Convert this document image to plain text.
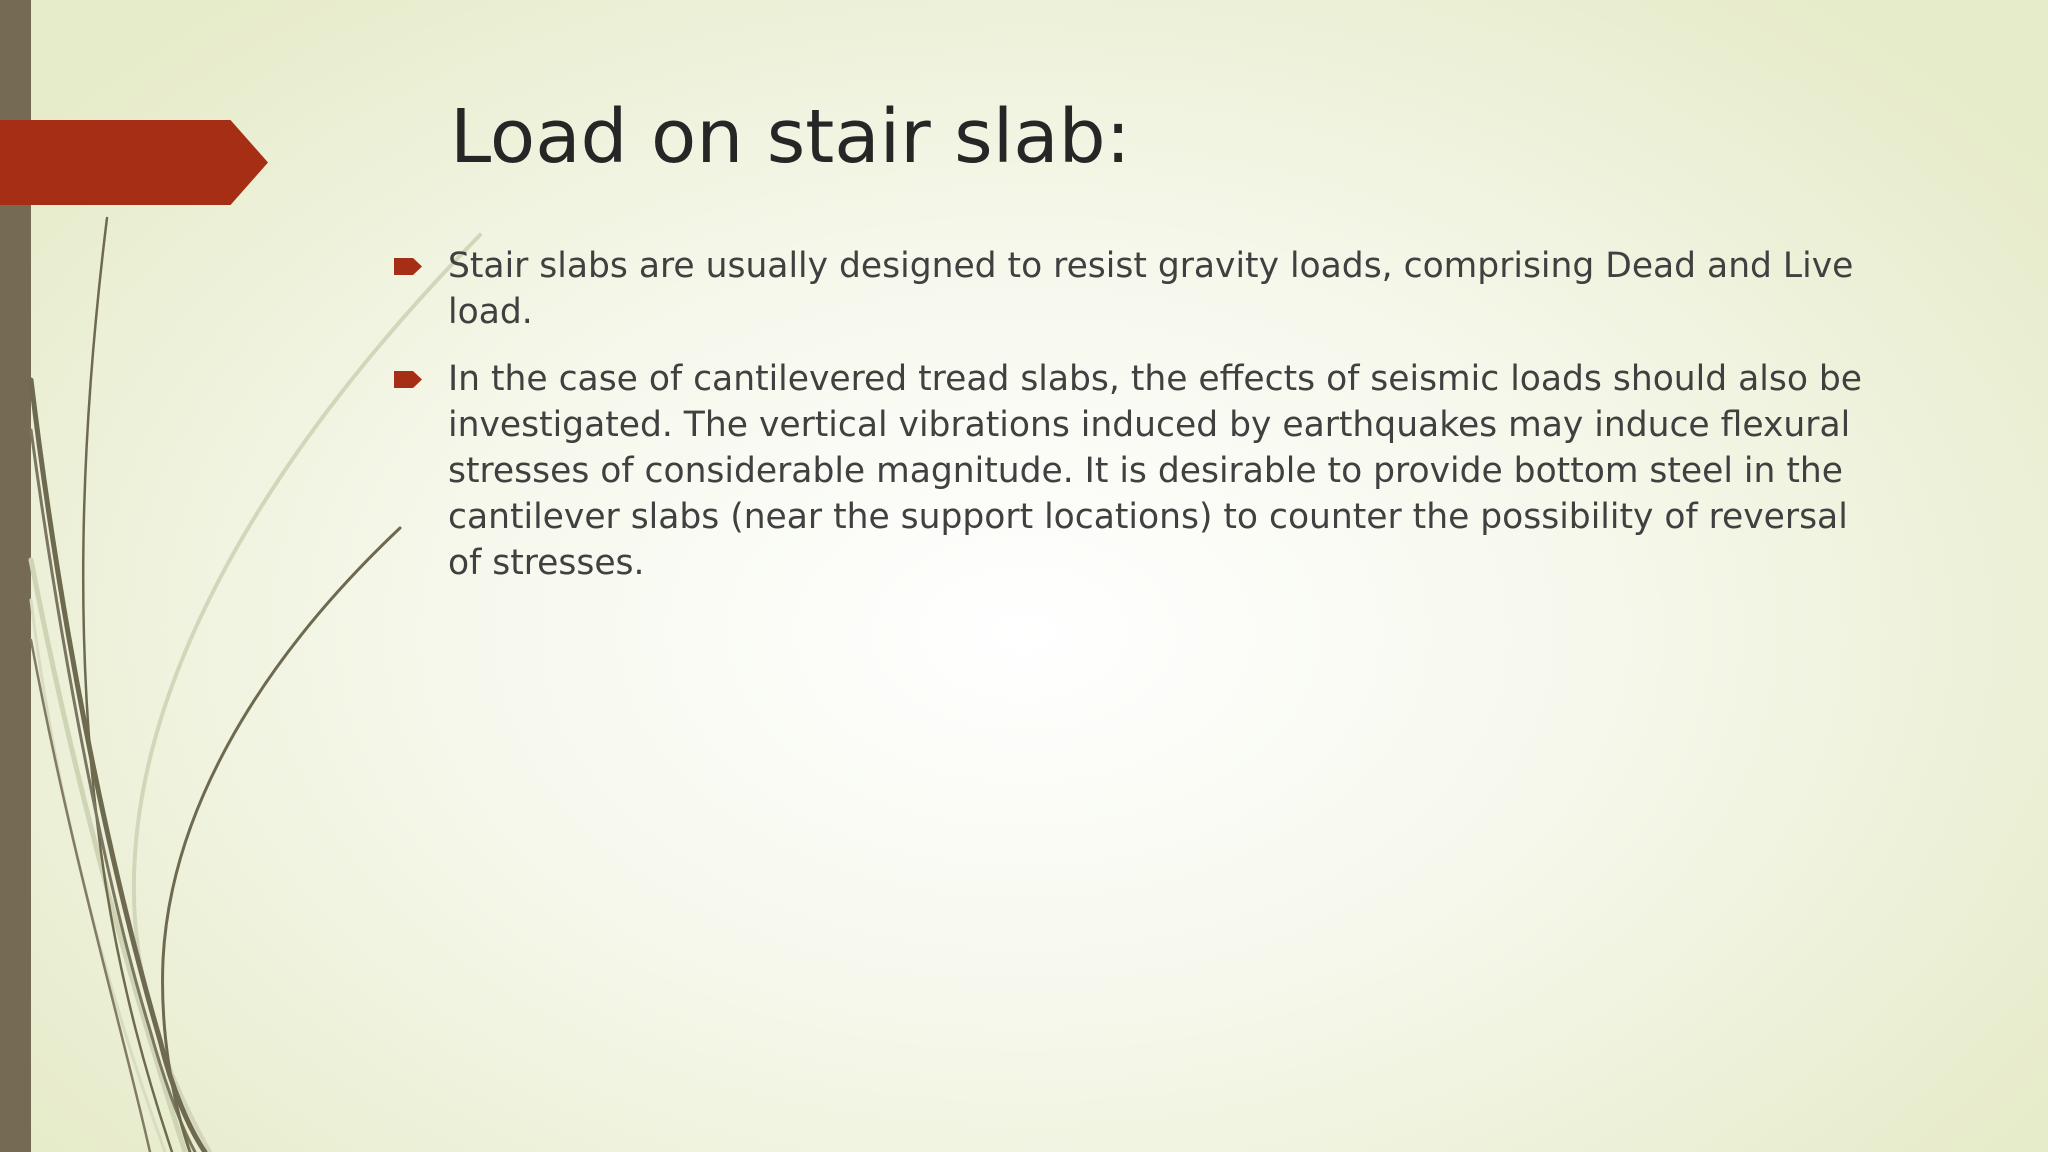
Load on stair slab:
Stair slabs are usually designed to resist gravity loads, comprising Dead and Live load.
In the case of cantilevered tread slabs, the effects of seismic loads should also be investigated. The vertical vibrations induced by earthquakes may induce flexural stresses of considerable magnitude. It is desirable to provide bottom steel in the cantilever slabs (near the support locations) to counter the possibility of reversal of stresses.
